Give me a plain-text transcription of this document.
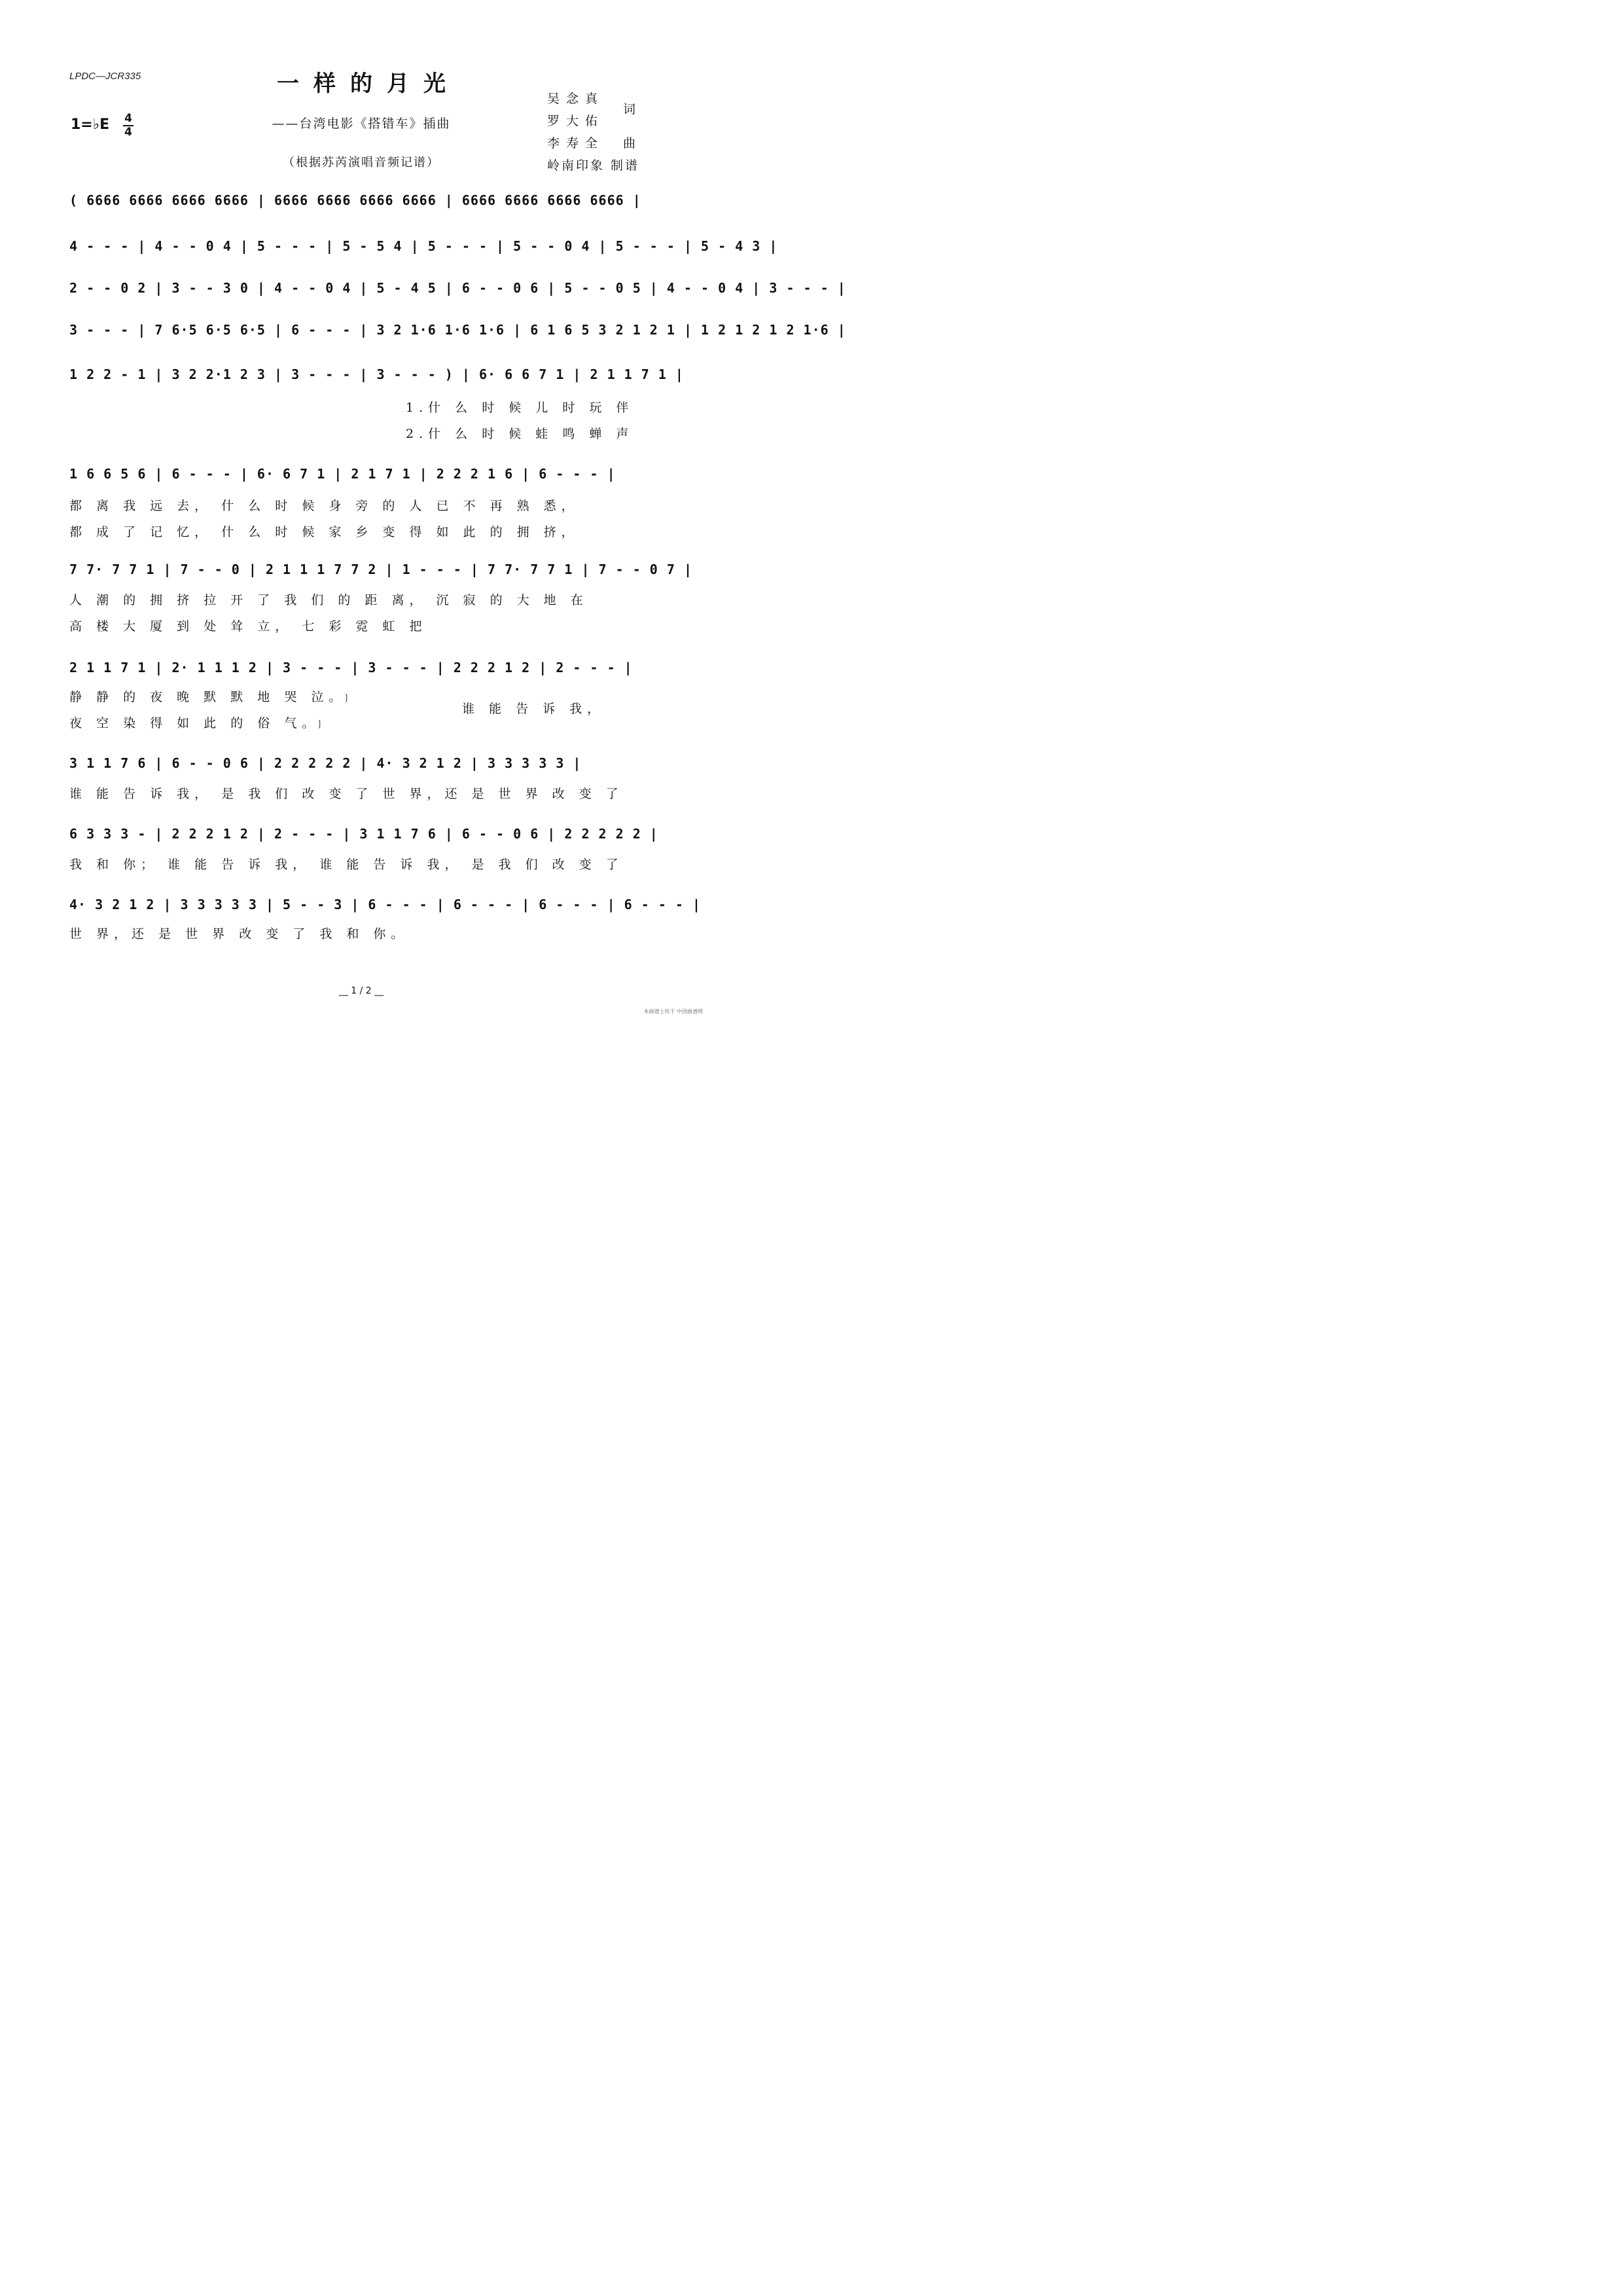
LPDC—JCR335	一样的月光
——台湾电影《搭错车》插曲
（根据苏芮演唱音频记谱）
1=♭E 4
4
吴念真
罗大佑
词
李寿全 曲
岭南印象 制谱
( 6666 6666 6666 6666 | 6666 6666 6666 6666 | 6666 6666 6666 6666 |
4 - - - | 4 - - 0 4 | 5 - - - | 5 - 5 4 | 5 - - - | 5 - - 0 4 | 5 - - - | 5 - 4 3 |
2 - - 0 2 | 3 - - 3 0 | 4 - - 0 4 | 5 - 4 5 | 6 - - 0 6 | 5 - - 0 5 | 4 - - 0 4 | 3 - - - |
3 - - - | 7 6·5 6·5 6·5 | 6 - - - | 3 2 1·6 1·6 1·6 | 6 1 6 5 3 2 1 2 1 | 1 2 1 2 1 2 1·6 |
1 2 2 - 1 | 3 2 2·1 2 3 | 3 - - - | 3 - - - ) | 6· 6 6 7 1 | 2 1 1 7 1 |
1.什 么 时 候 儿 时 玩 伴
2.什 么 时 候 蛙 鸣 蝉 声
1 6 6 5 6 | 6 - - - | 6· 6 7 1 | 2 1 7 1 | 2 2 2 1 6 | 6 - - - |
都 离 我 远 去， 什 么 时 候 身 旁 的 人 已 不 再 熟 悉，
都 成 了 记 忆， 什 么 时 候 家 乡 变 得 如 此 的 拥 挤，
7 7· 7 7 1 | 7 - - 0 | 2 1 1 1 7 7 2 | 1 - - - | 7 7· 7 7 1 | 7 - - 0 7 |
人 潮 的 拥 挤 拉 开 了 我 们 的 距 离， 沉 寂 的 大 地 在
高 楼 大 厦 到 处 耸 立， 七 彩 霓 虹 把
2 1 1 7 1 | 2· 1 1 1 2 | 3 - - - | 3 - - - | 2 2 2 1 2 | 2 - - - |
静 静 的 夜 晚 默 默 地 哭 泣。﹜
夜 空 染 得 如 此 的 俗 气。﹜
谁 能 告 诉 我，
3 1 1 7 6 | 6 - - 0 6 | 2 2 2 2 2 | 4· 3 2 1 2 | 3 3 3 3 3 |
谁 能 告 诉 我， 是 我 们 改 变 了 世 界，还 是 世 界 改 变 了
6 3 3 3 - | 2 2 2 1 2 | 2 - - - | 3 1 1 7 6 | 6 - - 0 6 | 2 2 2 2 2 |
我 和 你； 谁 能 告 诉 我， 谁 能 告 诉 我， 是 我 们 改 变 了
4· 3 2 1 2 | 3 3 3 3 3 | 5 - - 3 | 6 - - - | 6 - - - | 6 - - - | 6 - - - |
世 界，还 是 世 界 改 变 了 我 和 你。
__ 1 / 2 __
本曲谱上传于 中国曲谱网
